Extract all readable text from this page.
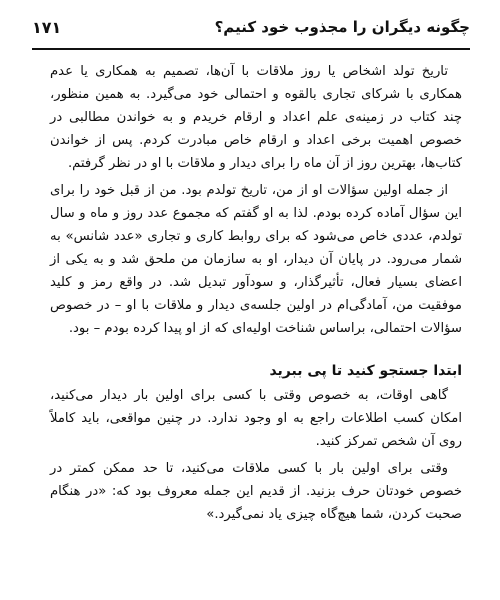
چگونه دیگران را مجذوب خود کنیم؟
۱۷۱

تاریخ تولد اشخاص یا روز ملاقات با آن‌ها، تصمیم به همکاری یا عدم همکاری با شرکای تجاری بالقوه و احتمالی خود می‌گیرد. به همین منظور، چند کتاب در زمینه‌ی علم اعداد و ارقام خریدم و به خواندن مطالبی در خصوص اهمیت برخی اعداد و ارقام خاص مبادرت کردم. پس از خواندن کتاب‌ها، بهترین روز از آن ماه را برای دیدار و ملاقات با او در نظر گرفتم.

از جمله اولین سؤالات او از من، تاریخ تولدم بود. من از قبل خود را برای این سؤال آماده کرده بودم. لذا به او گفتم که مجموع عدد روز و ماه و سال تولدم، عددی خاص می‌شود که برای روابط کاری و تجاری «عدد شانس» به شمار می‌رود. در پایان آن دیدار، او به سازمان من ملحق شد و به یکی از اعضای بسیار فعال، تأثیرگذار، و سودآور تبدیل شد. در واقع رمز و کلید موفقیت من، آمادگی‌ام در اولین جلسه‌ی دیدار و ملاقات با او – در خصوص سؤالات احتمالی، براساس شناخت اولیه‌ای که از او پیدا کرده بودم – بود.

ابتدا جستجو کنید تا پی ببرید

گاهی اوقات، به خصوص وقتی با کسی برای اولین بار دیدار می‌کنید، امکان کسب اطلاعات راجع به او وجود ندارد. در چنین مواقعی، باید کاملاً روی آن شخص تمرکز کنید.

وقتی برای اولین بار با کسی ملاقات می‌کنید، تا حد ممکن کمتر در خصوص خودتان حرف بزنید. از قدیم این جمله معروف بود که: «در هنگام صحبت کردن، شما هیچ‌گاه چیزی یاد نمی‌گیرد.»
